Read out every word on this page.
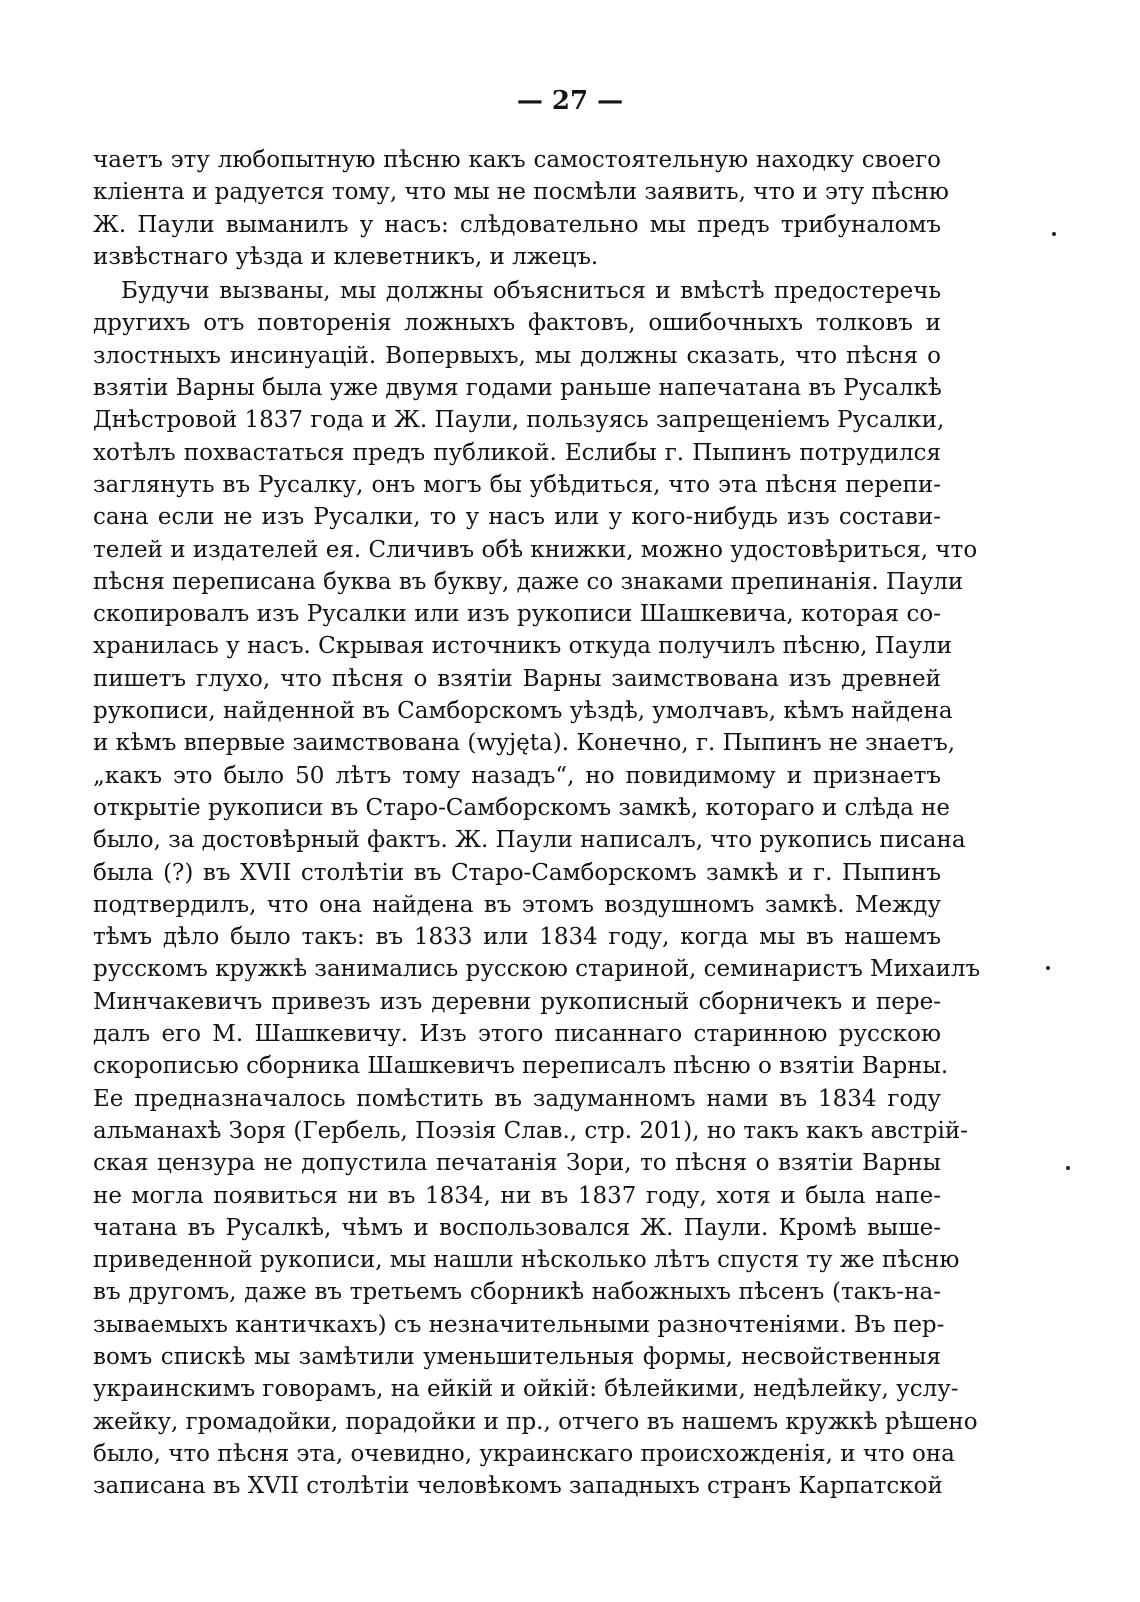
— 27 —
чаетъ эту любопытную пѣсню какъ самостоятельную находку своего
кліента и радуется тому, что мы не посмѣли заявить, что и эту пѣсню
Ж. Паули выманилъ у насъ: слѣдовательно мы предъ трибуналомъ
извѣстнаго уѣзда и клеветникъ, и лжецъ.
Будучи вызваны, мы должны объясниться и вмѣстѣ предостеречь
другихъ отъ повторенія ложныхъ фактовъ, ошибочныхъ толковъ и
злостныхъ инсинуацій. Вопервыхъ, мы должны сказать, что пѣсня о
взятіи Варны была уже двумя годами раньше напечатана въ Русалкѣ
Днѣстровой 1837 года и Ж. Паули, пользуясь запрещеніемъ Русалки,
хотѣлъ похвастаться предъ публикой. Еслибы г. Пыпинъ потрудился
заглянуть въ Русалку, онъ могъ бы убѣдиться, что эта пѣсня перепи-
сана если не изъ Русалки, то у насъ или у кого-нибудь изъ состави-
телей и издателей ея. Сличивъ обѣ книжки, можно удостовѣриться, что
пѣсня переписана буква въ букву, даже со знаками препинанія. Паули
скопировалъ изъ Русалки или изъ рукописи Шашкевича, которая со-
хранилась у насъ. Скрывая источникъ откуда получилъ пѣсню, Паули
пишетъ глухо, что пѣсня о взятіи Варны заимствована изъ древней
рукописи, найденной въ Самборскомъ уѣздѣ, умолчавъ, кѣмъ найдена
и кѣмъ впервые заимствована (wyjęta). Конечно, г. Пыпинъ не знаетъ,
„какъ это было 50 лѣтъ тому назадъ“, но повидимому и признаетъ
открытіе рукописи въ Старо-Самборскомъ замкѣ, котораго и слѣда не
было, за достовѣрный фактъ. Ж. Паули написалъ, что рукопись писана
была (?) въ XVII столѣтіи въ Старо-Самборскомъ замкѣ и г. Пыпинъ
подтвердилъ, что она найдена въ этомъ воздушномъ замкѣ. Между
тѣмъ дѣло было такъ: въ 1833 или 1834 году, когда мы въ нашемъ
русскомъ кружкѣ занимались русскою стариной, семинаристъ Михаилъ
Минчакевичъ привезъ изъ деревни рукописный сборничекъ и пере-
далъ его М. Шашкевичу. Изъ этого писаннаго старинною русскою
скорописью сборника Шашкевичъ переписалъ пѣсню о взятіи Варны.
Ее предназначалось помѣстить въ задуманномъ нами въ 1834 году
альманахѣ Зоря (Гербель, Поэзія Слав., стр. 201), но такъ какъ австрій-
ская цензура не допустила печатанія Зори, то пѣсня о взятіи Варны
не могла появиться ни въ 1834, ни въ 1837 году, хотя и была напе-
чатана въ Русалкѣ, чѣмъ и воспользовался Ж. Паули. Кромѣ выше-
приведенной рукописи, мы нашли нѣсколько лѣтъ спустя ту же пѣсню
въ другомъ, даже въ третьемъ сборникѣ набожныхъ пѣсенъ (такъ-на-
зываемыхъ кантичкахъ) съ незначительными разночтеніями. Въ пер-
вомъ спискѣ мы замѣтили уменьшительныя формы, несвойственныя
украинскимъ говорамъ, на ейкій и ойкій: бѣлейкими, недѣлейку, услу-
жейку, громадойки, порадойки и пр., отчего въ нашемъ кружкѣ рѣшено
было, что пѣсня эта, очевидно, украинскаго происхожденія, и что она
записана въ XVII столѣтіи человѣкомъ западныхъ странъ Карпатской
